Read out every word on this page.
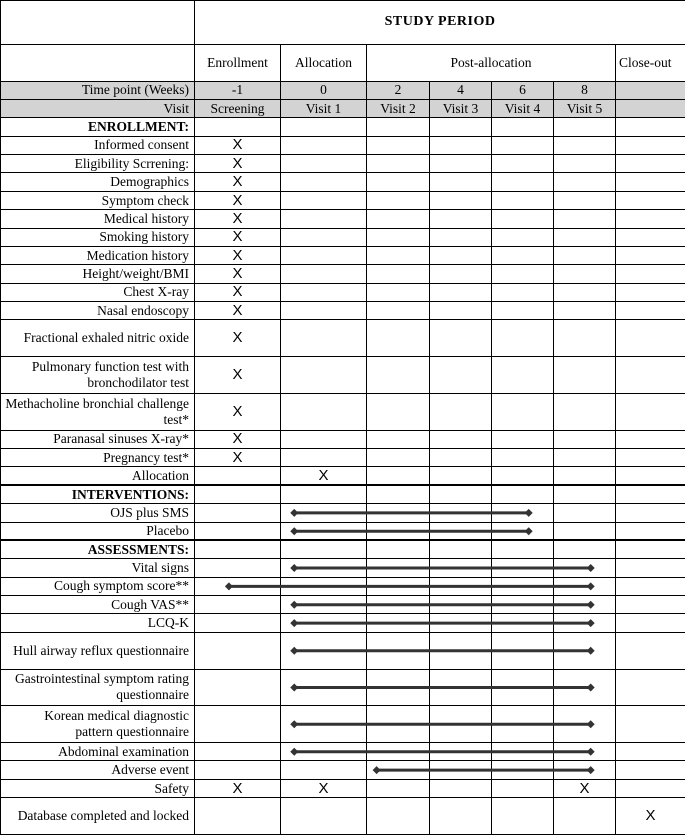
	STUDY PERIOD						
	Enrollment	Allocation	Post-allocation				Close-out
Time point (Weeks)	-1	0	2	4	6	8	
Visit	Screening	Visit 1	Visit 2	Visit 3	Visit 4	Visit 5	
ENROLLMENT:							
Informed consent	X						
Eligibility Scrrening:	X						
Demographics	X						
Symptom check	X						
Medical history	X						
Smoking history	X						
Medication history	X						
Height/weight/BMI	X						
Chest X-ray	X						
Nasal endoscopy	X						
Fractional exhaled nitric oxide	X						
Pulmonary function test with bronchodilator test	X						
Methacholine bronchial challenge test*	X						
Paranasal sinuses X-ray*	X						
Pregnancy test*	X						
Allocation		X					
INTERVENTIONS:							
OJS plus SMS							
Placebo							
ASSESSMENTS:							
Vital signs							
Cough symptom score**							
Cough VAS**							
LCQ-K							
Hull airway reflux questionnaire							
Gastrointestinal symptom rating questionnaire							
Korean medical diagnostic pattern questionnaire							
Abdominal examination							
Adverse event							
Safety	X	X				X	
Database completed and locked							X
